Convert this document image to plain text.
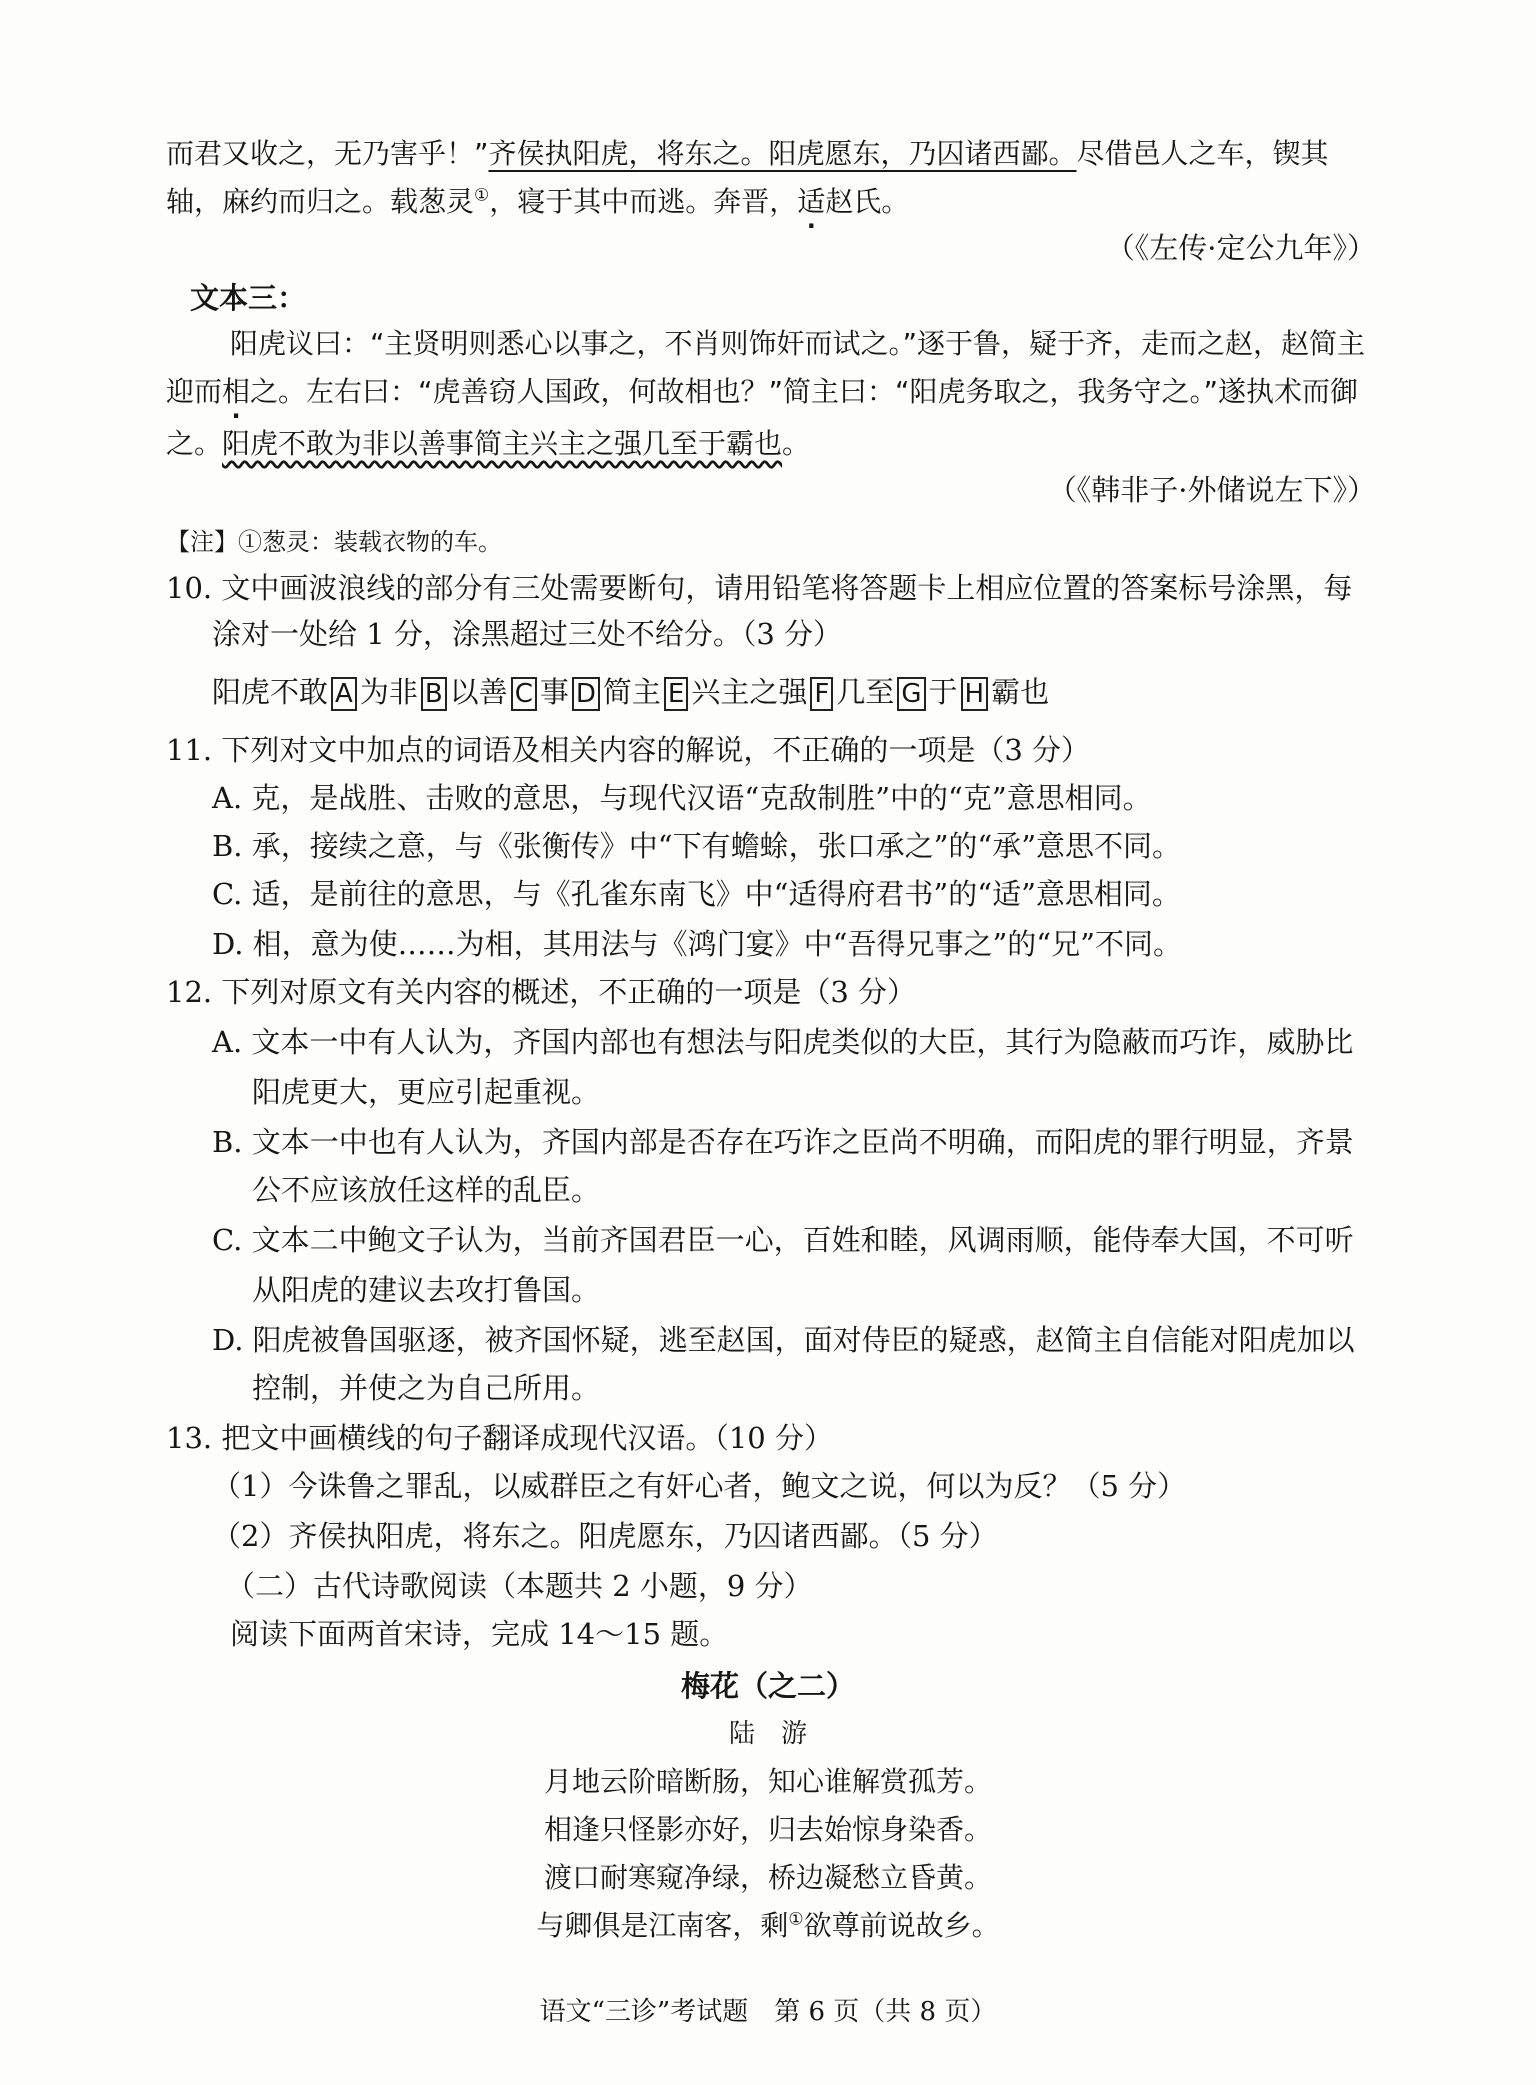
而君又收之，无乃害乎！”齐侯执阳虎，将东之。阳虎愿东，乃囚诸西鄙。尽借邑人之车，锲其
轴，麻约而归之。载葱灵①，寝于其中而逃。奔晋，适赵氏。
（《左传·定公九年》）
文本三：
阳虎议曰：“主贤明则悉心以事之，不肖则饰奸而试之。”逐于鲁，疑于齐，走而之赵，赵简主
迎而相之。左右曰：“虎善窃人国政，何故相也？”简主曰：“阳虎务取之，我务守之。”遂执术而御
之。阳虎不敢为非以善事简主兴主之强几至于霸也。
（《韩非子·外储说左下》）
【注】①葱灵：装载衣物的车。
10. 文中画波浪线的部分有三处需要断句，请用铅笔将答题卡上相应位置的答案标号涂黑，每
涂对一处给 1 分，涂黑超过三处不给分。（3 分）
阳虎不敢 A 为非 B 以善 C 事 D 简主 E 兴主之强 F 几至 G 于 H 霸也
11. 下列对文中加点的词语及相关内容的解说，不正确的一项是（3 分）
A. 克，是战胜、击败的意思，与现代汉语“克敌制胜”中的“克”意思相同。
B. 承，接续之意，与《张衡传》中“下有蟾蜍，张口承之”的“承”意思不同。
C. 适，是前往的意思，与《孔雀东南飞》中“适得府君书”的“适”意思相同。
D. 相，意为使……为相，其用法与《鸿门宴》中“吾得兄事之”的“兄”不同。
12. 下列对原文有关内容的概述，不正确的一项是（3 分）
A. 文本一中有人认为，齐国内部也有想法与阳虎类似的大臣，其行为隐蔽而巧诈，威胁比
阳虎更大，更应引起重视。
B. 文本一中也有人认为，齐国内部是否存在巧诈之臣尚不明确，而阳虎的罪行明显，齐景
公不应该放任这样的乱臣。
C. 文本二中鲍文子认为，当前齐国君臣一心，百姓和睦，风调雨顺，能侍奉大国，不可听
从阳虎的建议去攻打鲁国。
D. 阳虎被鲁国驱逐，被齐国怀疑，逃至赵国，面对侍臣的疑惑，赵简主自信能对阳虎加以
控制，并使之为自己所用。
13. 把文中画横线的句子翻译成现代汉语。（10 分）
（1）今诛鲁之罪乱，以威群臣之有奸心者，鲍文之说，何以为反？（5 分）
（2）齐侯执阳虎，将东之。阳虎愿东，乃囚诸西鄙。（5 分）
（二）古代诗歌阅读（本题共 2 小题，9 分）
阅读下面两首宋诗，完成 14～15 题。
梅花（之二）
陆　游
月地云阶暗断肠，知心谁解赏孤芳。
相逢只怪影亦好，归去始惊身染香。
渡口耐寒窥净绿，桥边凝愁立昏黄。
与卿俱是江南客，剩①欲尊前说故乡。
语文“三诊”考试题　第 6 页（共 8 页）
